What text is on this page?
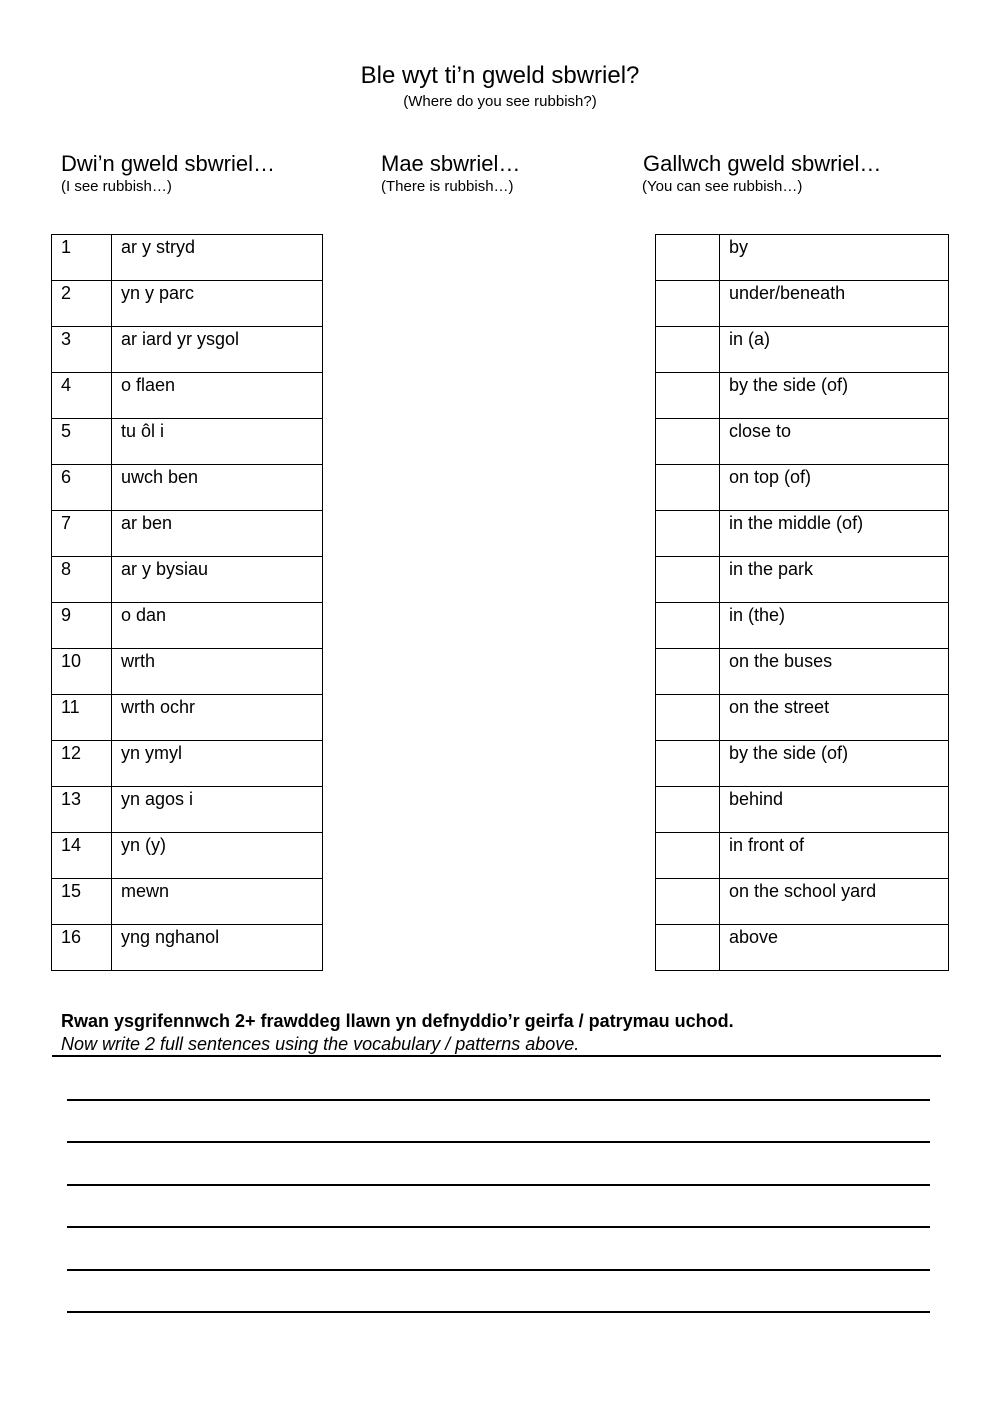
Ble wyt ti’n gweld sbwriel?
(Where do you see rubbish?)
Dwi’n gweld sbwriel…
(I see rubbish…)
Mae sbwriel…
(There is rubbish…)
Gallwch gweld sbwriel…
(You can see rubbish…)
1	ar y stryd
2	yn y parc
3	ar iard yr ysgol
4	o flaen
5	tu ôl i
6	uwch ben
7	ar ben
8	ar y bysiau
9	o dan
10	wrth
11	wrth ochr
12	yn ymyl
13	yn agos i
14	yn (y)
15	mewn
16	yng nghanol
	by
	under/beneath
	in (a)
	by the side (of)
	close to
	on top (of)
	in the middle (of)
	in the park
	in (the)
	on the buses
	on the street
	by the side (of)
	behind
	in front of
	on the school yard
	above
Rwan ysgrifennwch 2+ frawddeg llawn yn defnyddio’r geirfa / patrymau uchod.
Now write 2 full sentences using the vocabulary / patterns above.
